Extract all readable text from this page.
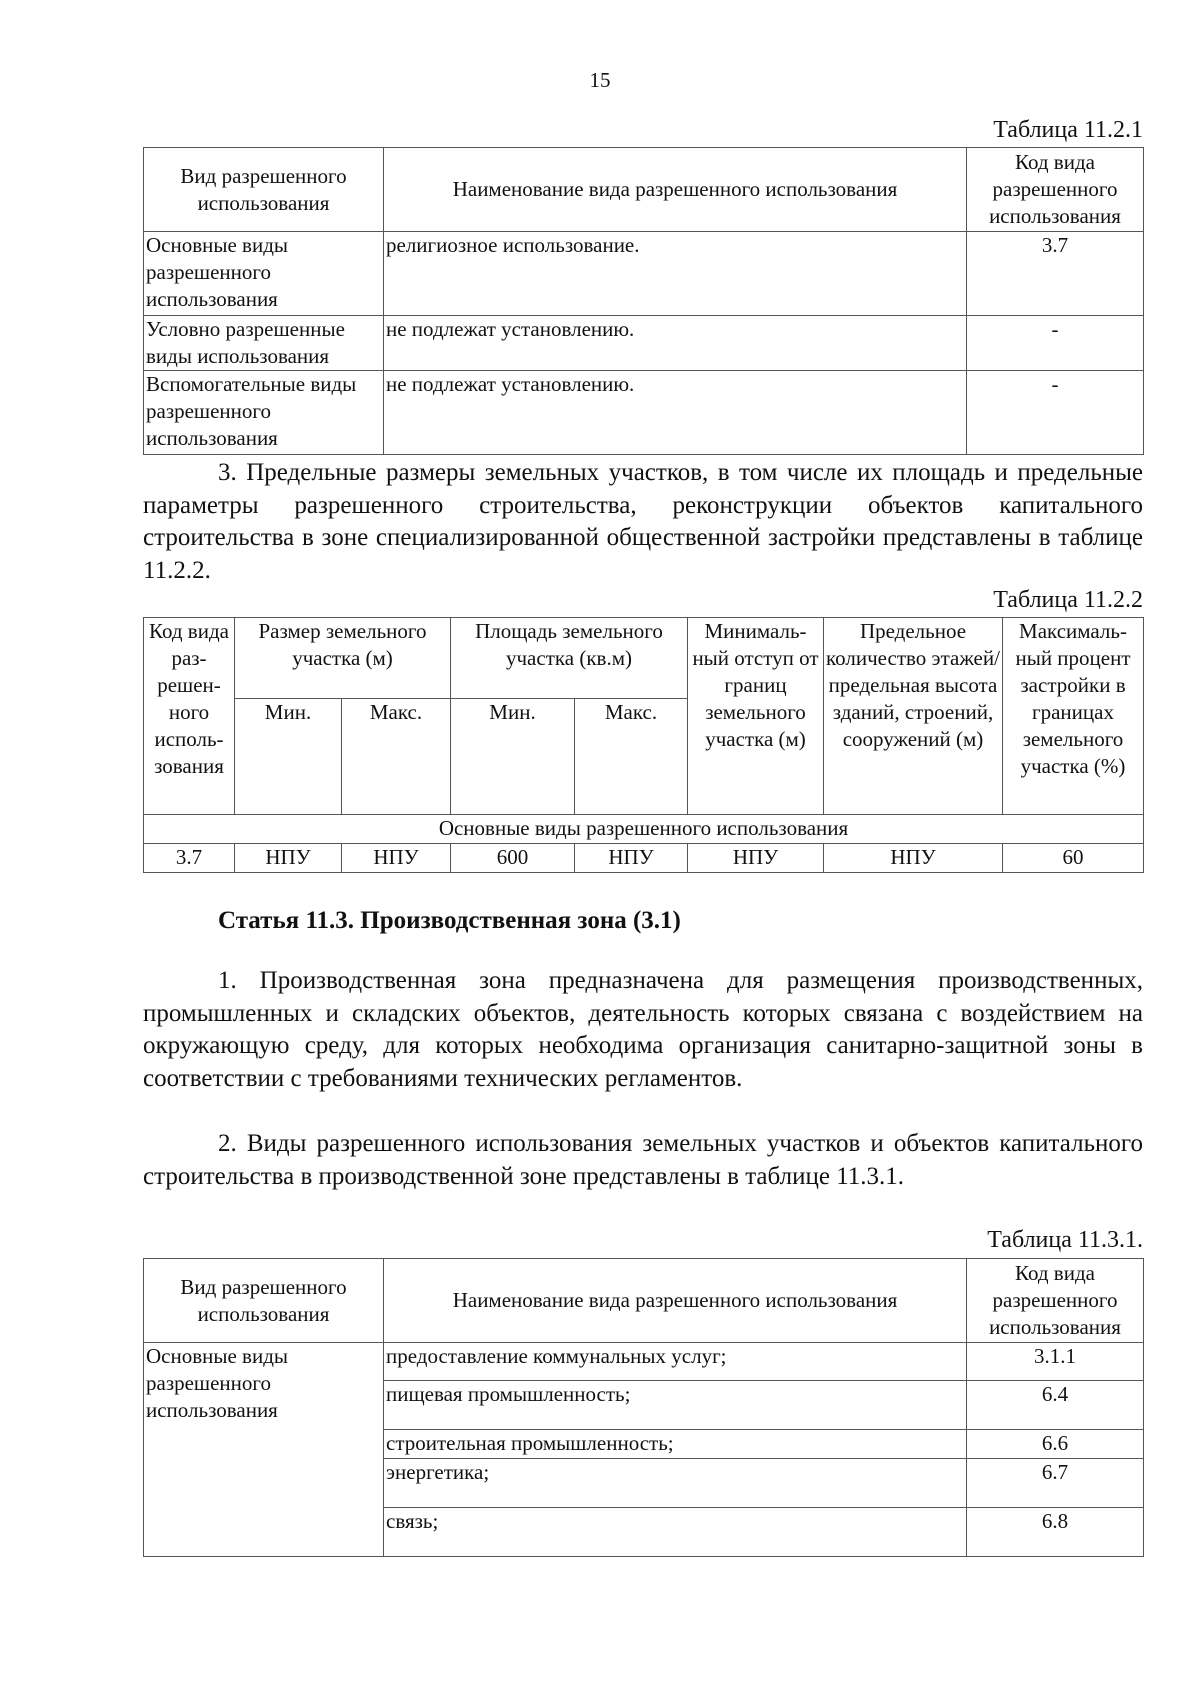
15
Таблица 11.2.1
Вид разрешенного использования	Наименование вида разрешенного использования	Код вида разрешенного использования
Основные виды разрешенного использования	религиозное использование.	3.7
Условно разрешенные виды использования	не подлежат установлению.	-
Вспомогательные виды разрешенного использования	не подлежат установлению.	-

3. Предельные размеры земельных участков, в том числе их площадь и предельные параметры разрешенного строительства, реконструкции объектов капитального строительства в зоне специализированной общественной застройки представлены в таблице 11.2.2.

Таблица 11.2.2
Код вида раз- решен- ного исполь- зования	Размер земельного участка (м)		Площадь земельного участка (кв.м)		Минималь- ный отступ от границ земельного участка (м)	Предельное количество этажей/ предельная высота зданий, строений, сооружений (м)	Максималь- ный процент застройки в границах земельного участка (%)
	Мин.	Макс.	Мин.	Макс.			
Основные виды разрешенного использования							
3.7	НПУ	НПУ	600	НПУ	НПУ	НПУ	60
Статья 11.3. Производственная зона (3.1)

1. Производственная зона предназначена для размещения производственных, промышленных и складских объектов, деятельность которых связана с воздействием на окружающую среду, для которых необходима организация санитарно-защитной зоны в соответствии с требованиями технических регламентов.

2. Виды разрешенного использования земельных участков и объектов капитального строительства в производственной зоне представлены в таблице 11.3.1.

Таблица 11.3.1.
Вид разрешенного использования	Наименование вида разрешенного использования	Код вида разрешенного использования
Основные виды разрешенного использования	предоставление коммунальных услуг;	3.1.1
	пищевая промышленность;	6.4
	строительная промышленность;	6.6
	энергетика;	6.7
	связь;	6.8
